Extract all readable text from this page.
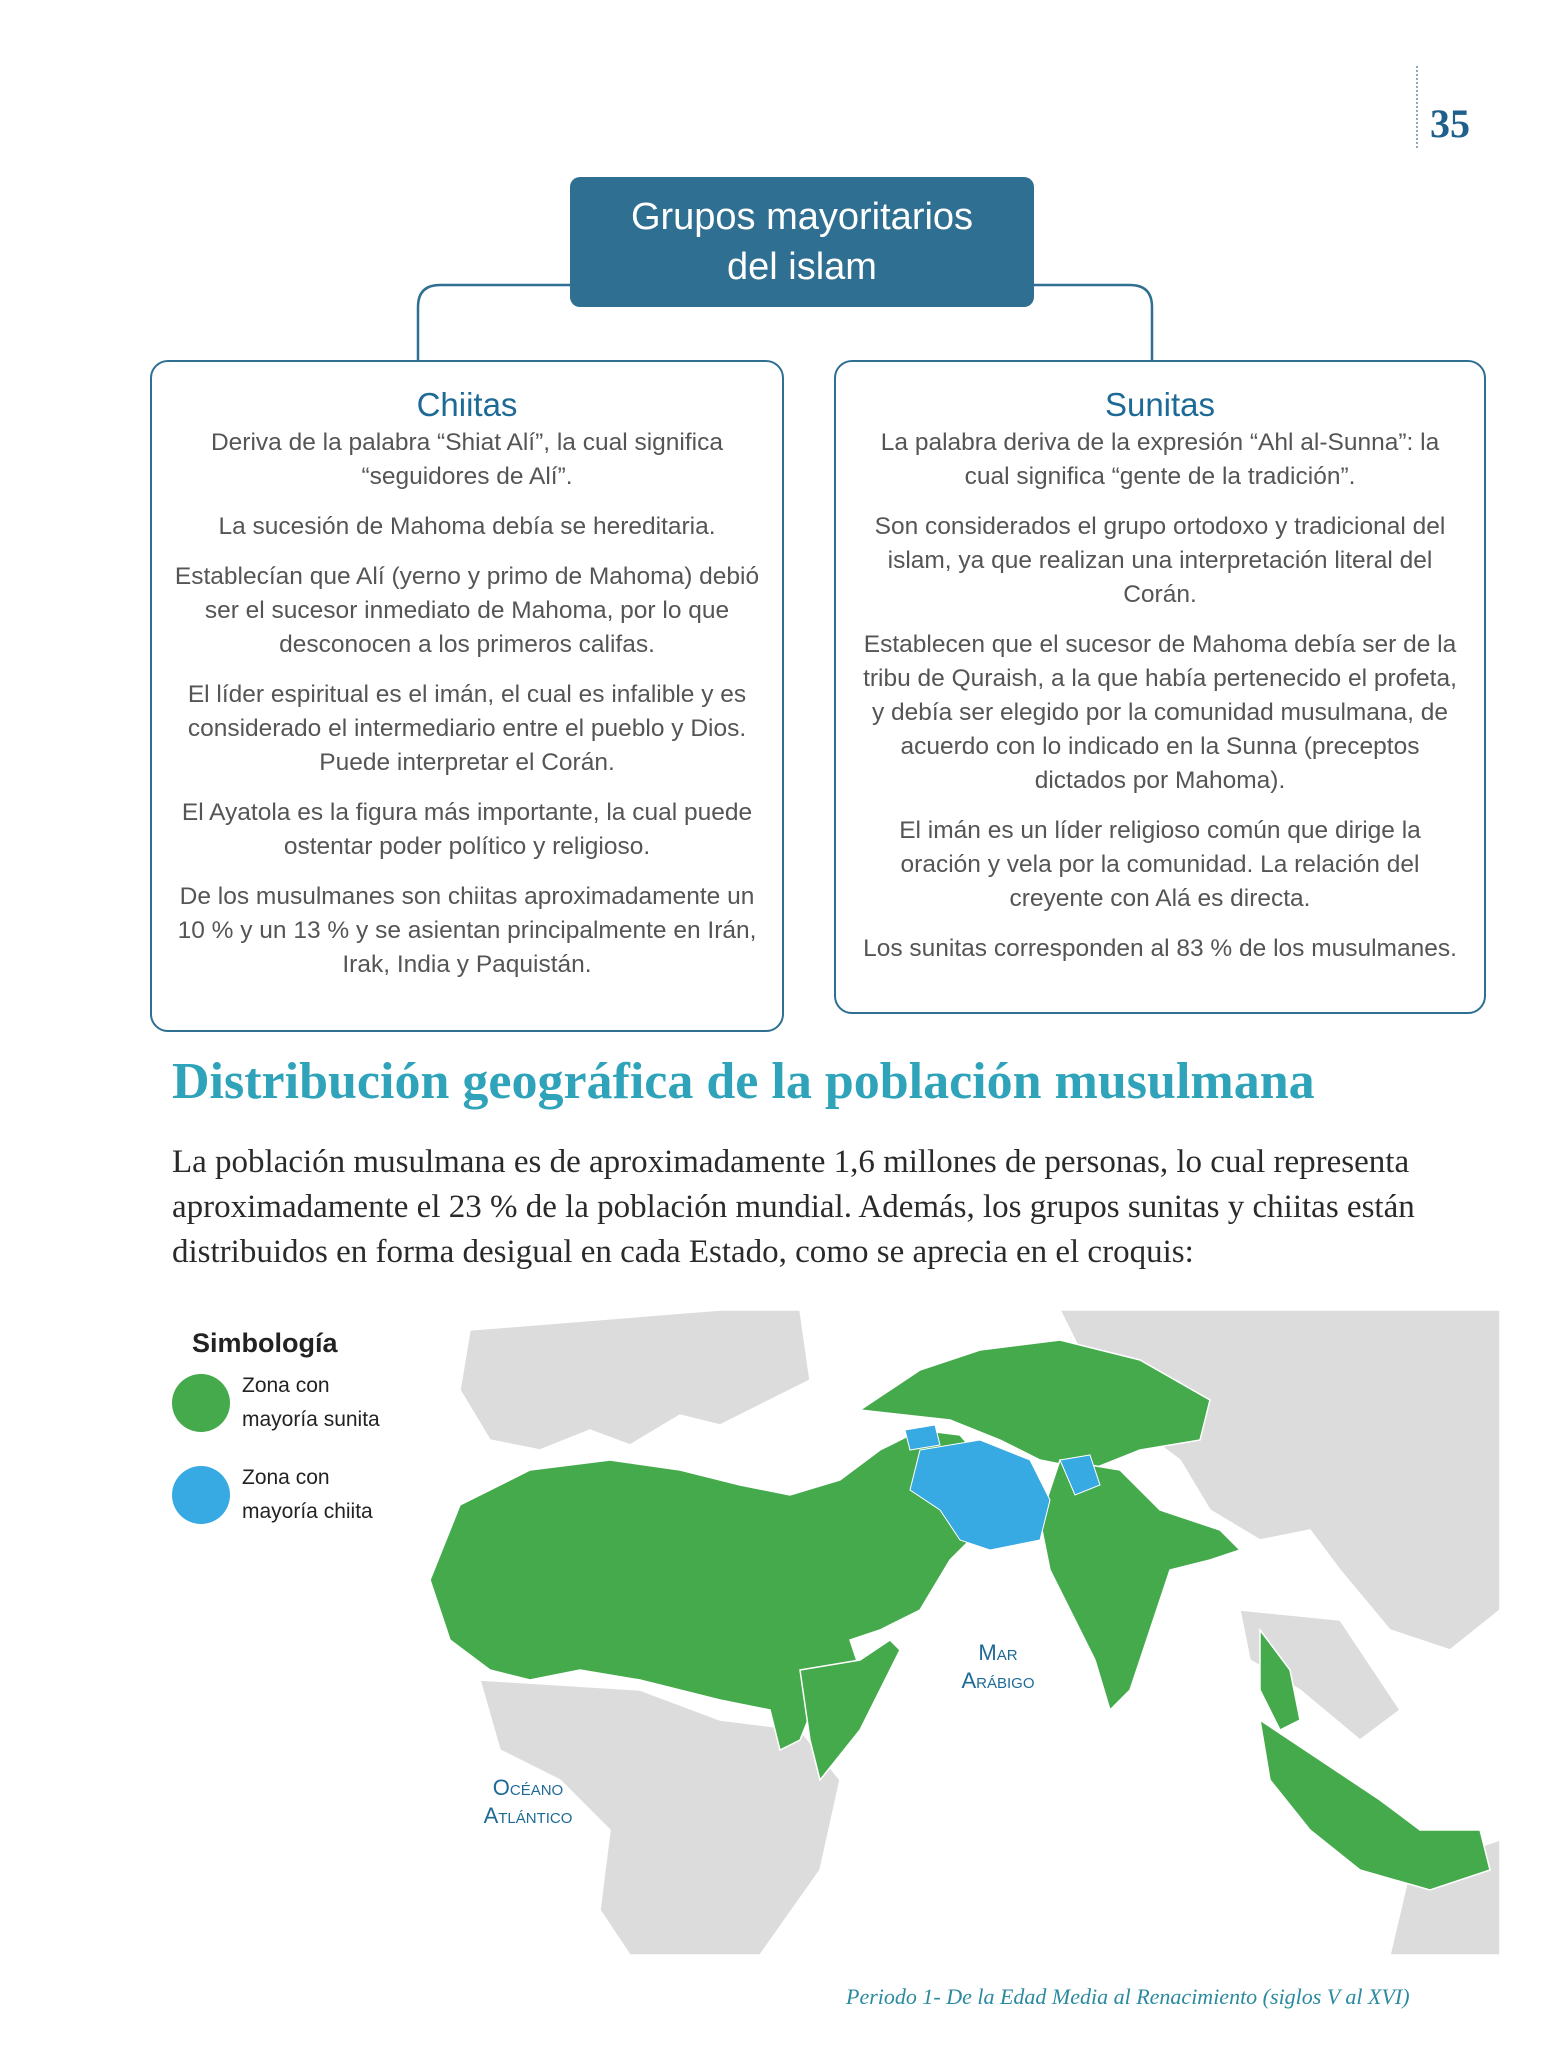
35
Grupos mayoritarios
del islam
Chiitas

Deriva de la palabra “Shiat Alí”, la cual significa “seguidores de Alí”.

La sucesión de Mahoma debía se hereditaria.

Establecían que Alí (yerno y primo de Mahoma) debió ser el sucesor inmediato de Mahoma, por lo que desconocen a los primeros califas.

El líder espiritual es el imán, el cual es infalible y es considerado el intermediario entre el pueblo y Dios. Puede interpretar el Corán.

El Ayatola es la figura más importante, la cual puede ostentar poder político y religioso.

De los musulmanes son chiitas aproximadamente un 10 % y un 13 % y se asientan principalmente en Irán, Irak, India y Paquistán.

Sunitas

La palabra deriva de la expresión “Ahl al-Sunna”: la cual significa “gente de la tradición”.

Son considerados el grupo ortodoxo y tradicional del islam, ya que realizan una interpretación literal del Corán.

Establecen que el sucesor de Mahoma debía ser de la tribu de Quraish, a la que había pertenecido el profeta, y debía ser elegido por la comunidad musulmana, de acuerdo con lo indicado en la Sunna (preceptos dictados por Mahoma).

El imán es un líder religioso común que dirige la oración y vela por la comunidad. La relación del creyente con Alá es directa.

Los sunitas corresponden al 83 % de los musulmanes.

Distribución geográfica de la población musulmana

La población musulmana es de aproximadamente 1,6 millones de personas, lo cual representa aproximadamente el 23 % de la población mundial. Además, los grupos sunitas y chiitas están distribuidos en forma desigual en cada Estado, como se aprecia en el croquis:

Mar
Arábigo
Océano
Atlántico
Simbología
Zona con
mayoría sunita
Zona con
mayoría chiita
Periodo 1- De la Edad Media al Renacimiento (siglos V al XVI)
